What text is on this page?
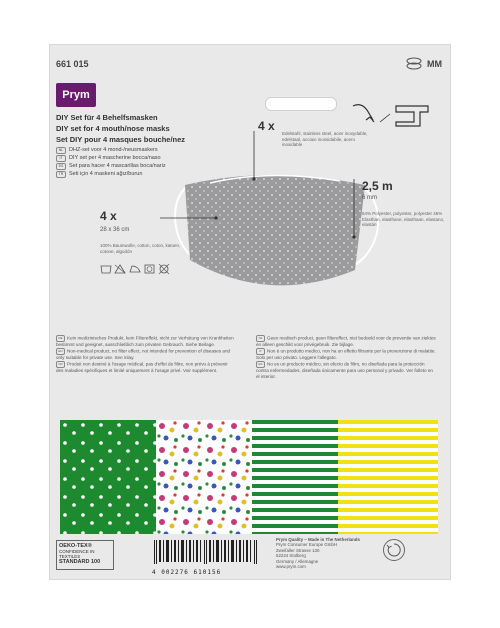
661 015	MM
Prym
DIY Set für 4 Behelfsmasken
DIY set for 4 mouth/nose masks
Set DIY pour 4 masques bouche/nez
NL DHZ-set voor 4 mond-/neusmaskers
IT DIY set per 4 mascherine bocca/naso
ES Set para hacer 4 mascarillas boca/nariz
TR Seti için 4 maskeni ağız/burun
4 x
Edelstahl, stainless steel, acier inoxydable, edelstaal, acciaio inossidabile, acero inoxidable
2,5 m
6 mm
54% Polyester, polyester, polyester 46% Elasthan, elasthane, elasthaan, elastano, elastán
4 x
28 x 36 cm
100% Baumwolle, cotton, coton, katoen, cotone, algodón
DE Kein medizinisches Produkt, kein Filtereffekt, nicht zur Verhütung von Krankheiten bestimmt und geeignet, ausschließlich zum privaten Gebrauch. Siehe Beilage.
EN Non-medical product, no filter effect, not intended for prevention of diseases and only suitable for private use. See inlay.
FR Produit non destiné à l'usage médical, pas d'effet de filtre, non prévu à prévenir des maladies spécifiques et limité uniquement à l'usage privé. Voir supplément.
NL Geen medisch product, geen filtereffect, niet bedoeld voor de preventie van ziektes en alleen geschikt voor privégebruik. Zie bijlage.
IT Non è un prodotto medico, non ha un effetto filtrante per la prevenzione di malattie. Solo per uso privato. Leggere l'allegato.
ES No es un producto médico, sin efecto de filtro, no diseñada para la protección contra enfermedades, diseñada únicamente para uso personal y privado. Ver folleto en el interior.
OEKO-TEX®
CONFIDENCE IN TEXTILES
STANDARD 100
4 002276 610156
Prym Quality – Made in The Netherlands
Prym Consumer Europe GmbH
Zweifaller Strasse 130
52224 Stolberg
Germany / Allemagne
www.prym.com
